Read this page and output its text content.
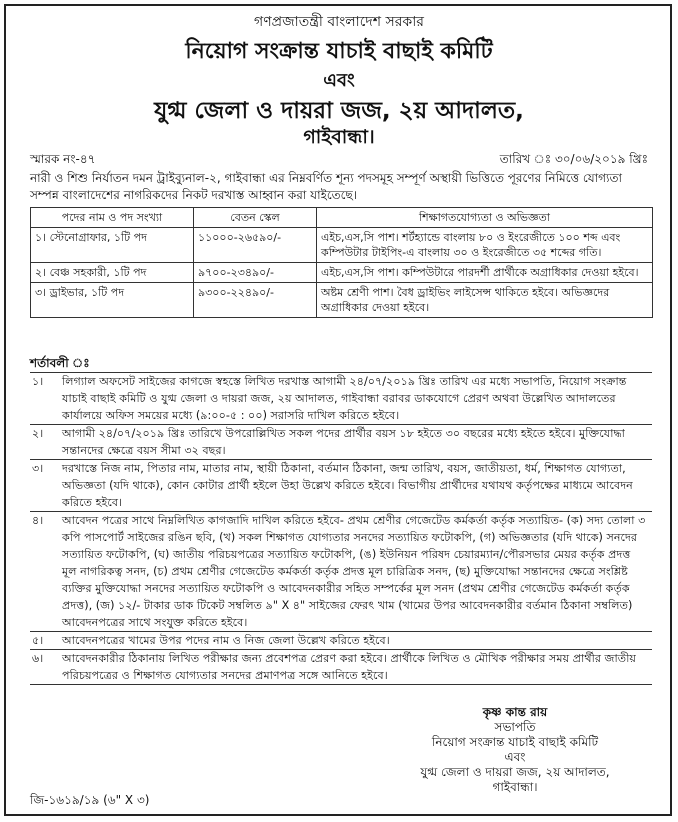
গণপ্রজাতন্ত্রী বাংলাদেশ সরকার
নিয়োগ সংক্রান্ত যাচাই বাছাই কমিটি
এবং
যুগ্ম জেলা ও দায়রা জজ, ২য় আদালত,
গাইবান্ধা।
স্মারক নং-৪৭	তারিখ ঃ ৩০/০৬/২০১৯ খ্রিঃ
নারী ও শিশু নির্যাতন দমন ট্রাইব্যুনাল-২, গাইবান্ধা এর নিম্নবর্ণিত শূন্য পদসমূহ সম্পূর্ণ অস্থায়ী ভিত্তিতে পূরণের নিমিত্তে যোগ্যতা সম্পন্ন বাংলাদেশের নাগরিকদের নিকট দরখাস্ত আহ্বান করা যাইতেছে।
পদের নাম ও পদ সংখ্যা	বেতন স্কেল	শিক্ষাগতযোগ্যতা ও অভিজ্ঞতা
১। স্টেনোগ্রাফার, ১টি পদ	১১০০০-২৬৫৯০/-	এইচ,এস,সি পাশ। শর্টহ্যান্ডে বাংলায় ৮০ ও ইংরেজীতে ১০০ শব্দ এবং কম্পিউটার টাইপিং-এ বাংলায় ৩০ ও ইংরেজীতে ৩৫ শব্দের গতি।
২। বেঞ্চ সহকারী, ১টি পদ	৯৭০০-২৩৪৯০/-	এইচ,এস,সি পাশ। কম্পিউটারে পারদর্শী প্রার্থীকে অগ্রাধিকার দেওয়া হইবে।
৩। ড্রাইভার, ১টি পদ	৯৩০০-২২৪৯০/-	অষ্টম শ্রেণী পাশ। বৈধ ড্রাইভিং লাইসেন্স থাকিতে হইবে। অভিজ্ঞদের অগ্রাধিকার দেওয়া হইবে।
শর্তাবলী ঃ
১।	লিগ্যাল অফসেট সাইজের কাগজে স্বহস্তে লিখিত দরখাস্ত আগামী ২৪/০৭/২০১৯ খ্রিঃ তারিখ এর মধ্যে সভাপতি, নিয়োগ সংক্রান্ত যাচাই বাছাই কমিটি ও যুগ্ম জেলা ও দায়রা জজ, ২য় আদালত, গাইবান্ধা বরাবর ডাকযোগে প্রেরণ অথবা উল্লেখিত আদালতের কার্যালয়ে অফিস সময়ের মধ্যে (৯:০০-৫ : ০০) সরাসরি দাখিল করিতে হইবে।
২।	আগামী ২৪/০৭/২০১৯ খ্রিঃ তারিখে উপরোল্লিখিত সকল পদের প্রার্থীর বয়স ১৮ হইতে ৩০ বছরের মধ্যে হইতে হইবে। মুক্তিযোদ্ধা সন্তানদের ক্ষেত্রে বয়স সীমা ৩২ বছর।
৩।	দরখাস্তে নিজ নাম, পিতার নাম, মাতার নাম, স্থায়ী ঠিকানা, বর্তমান ঠিকানা, জন্ম তারিখ, বয়স, জাতীয়তা, ধর্ম, শিক্ষাগত যোগ্যতা, অভিজ্ঞতা (যদি থাকে), কোন কোটার প্রার্থী হইলে উহা উল্লেখ করিতে হইবে। বিভাগীয় প্রার্থীদের যথাযথ কর্তৃপক্ষের মাধ্যমে আবেদন করিতে হইবে।
৪।	আবেদন পত্রের সাথে নিম্নলিখিত কাগজাদি দাখিল করিতে হইবে- প্রথম শ্রেণীর গেজেটেড কর্মকর্তা কর্তৃক সত্যায়িত- (ক) সদ্য তোলা ৩ কপি পাসপোর্ট সাইজের রঙিন ছবি, (খ) সকল শিক্ষাগত যোগ্যতার সনদের সত্যায়িত ফটোকপি, (গ) অভিজ্ঞতার (যদি থাকে) সনদের সত্যায়িত ফটোকপি, (ঘ) জাতীয় পরিচয়পত্রের সত্যায়িত ফটোকপি, (ঙ) ইউনিয়ন পরিষদ চেয়ারম্যান/পৌরসভার মেয়র কর্তৃক প্রদত্ত মূল নাগরিকত্ব সনদ, (চ) প্রথম শ্রেণীর গেজেটেড কর্মকর্তা কর্তৃক প্রদত্ত মূল চারিত্রিক সনদ, (ছ) মুক্তিযোদ্ধা সন্তানদের ক্ষেত্রে সংশ্লিষ্ট ব্যক্তির মুক্তিযোদ্ধা সনদের সত্যায়িত ফটোকপি ও আবেদনকারীর সহিত সম্পর্কের মূল সনদ (প্রথম শ্রেণীর গেজেটেড কর্মকর্তা কর্তৃক প্রদত্ত), (জ) ১২/- টাকার ডাক টিকেট সম্বলিত ৯" X ৪" সাইজের ফেরৎ খাম (খামের উপর আবেদনকারীর বর্তমান ঠিকানা সম্বলিত) আবেদনপত্রের সাথে সংযুক্ত করিতে হইবে।
৫।	আবেদনপত্রের খামের উপর পদের নাম ও নিজ জেলা উল্লেখ করিতে হইবে।
৬।	আবেদনকারীর ঠিকানায় লিখিত পরীক্ষার জন্য প্রবেশপত্র প্রেরণ করা হইবে। প্রার্থীকে লিখিত ও মৌখিক পরীক্ষার সময় প্রার্থীর জাতীয় পরিচয়পত্রের ও শিক্ষাগত যোগ্যতার সনদের প্রমাণপত্র সঙ্গে আনিতে হইবে।
কৃষ্ণ কান্ত রায়
সভাপতি
নিয়োগ সংক্রান্ত যাচাই বাছাই কমিটি
এবং
যুগ্ম জেলা ও দায়রা জজ, ২য় আদালত,
গাইবান্ধা।
জি-১৬১৯/১৯ (৬" X ৩)
